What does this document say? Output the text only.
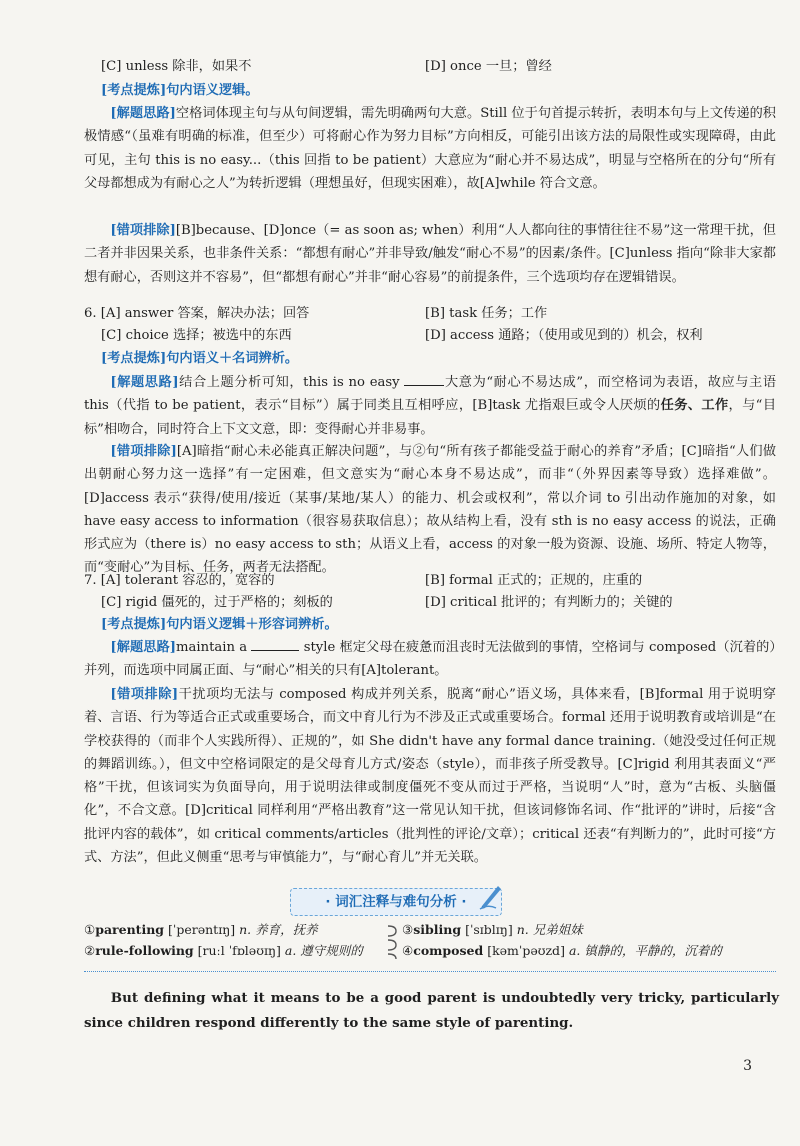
[C] unless 除非，如果不	[D] once 一旦；曾经
[考点提炼]句内语义逻辑。

[解题思路]空格词体现主句与从句间逻辑，需先明确两句大意。Still 位于句首提示转折，表明本句与上文传递的积极情感“（虽难有明确的标准，但至少）可将耐心作为努力目标”方向相反，可能引出该方法的局限性或实现障碍，由此可见，主句 this is no easy...（this 回指 to be patient）大意应为“耐心并不易达成”，明显与空格所在的分句“所有父母都想成为有耐心之人”为转折逻辑（理想虽好，但现实困难），故[A]while 符合文意。

[错项排除][B]because、[D]once（= as soon as; when）利用“人人都向往的事情往往不易”这一常理干扰，但二者并非因果关系，也非条件关系：“都想有耐心”并非导致/触发“耐心不易”的因素/条件。[C]unless 指向“除非大家都想有耐心，否则这并不容易”，但“都想有耐心”并非“耐心容易”的前提条件，三个选项均存在逻辑错误。

6. [A] answer 答案，解决办法；回答	[B] task 任务；工作
[C] choice 选择；被选中的东西	[D] access 通路；（使用或见到的）机会，权利
[考点提炼]句内语义＋名词辨析。

[解题思路]结合上题分析可知，this is no easy	大意为“耐心不易达成”，而空格词为表语，故应与主语 this（代指 to be patient，表示“目标”）属于同类且互相呼应，[B]task 尤指艰巨或令人厌烦的任务、工作，与“目标”相吻合，同时符合上下文文意，即：变得耐心并非易事。

[错项排除][A]暗指“耐心未必能真正解决问题”，与②句“所有孩子都能受益于耐心的养育”矛盾；[C]暗指“人们做出朝耐心努力这一选择”有一定困难，但文意实为“耐心本身不易达成”，而非“（外界因素等导致）选择难做”。[D]access 表示“获得/使用/接近（某事/某地/某人）的能力、机会或权利”，常以介词 to 引出动作施加的对象，如 have easy access to information（很容易获取信息）；故从结构上看，没有 sth is no easy access 的说法，正确形式应为（there is）no easy access to sth；从语义上看，access 的对象一般为资源、设施、场所、特定人物等，而“变耐心”为目标、任务，两者无法搭配。

7. [A] tolerant 容忍的，宽容的	[B] formal 正式的；正规的，庄重的
[C] rigid 僵死的，过于严格的；刻板的	[D] critical 批评的；有判断力的；关键的
[考点提炼]句内语义逻辑＋形容词辨析。

[解题思路]maintain a	style 框定父母在疲惫而沮丧时无法做到的事情，空格词与 composed（沉着的）并列，而选项中同属正面、与“耐心”相关的只有[A]tolerant。

[错项排除]干扰项均无法与 composed 构成并列关系，脱离“耐心”语义场，具体来看，[B]formal 用于说明穿着、言语、行为等适合正式或重要场合，而文中育儿行为不涉及正式或重要场合。formal 还用于说明教育或培训是“在学校获得的（而非个人实践所得）、正规的”，如 She didn't have any formal dance training.（她没受过任何正规的舞蹈训练。），但文中空格词限定的是父母育儿方式/姿态（style），而非孩子所受教导。[C]rigid 利用其表面义“严格”干扰，但该词实为负面导向，用于说明法律或制度僵死不变从而过于严格，当说明“人”时，意为“古板、头脑僵化”，不合文意。[D]critical 同样利用“严格出教育”这一常见认知干扰，但该词修饰名词、作“批评的”讲时，后接“含批评内容的载体”，如 critical comments/articles（批判性的评论/文章）；critical 还表“有判断力的”，此时可接“方式、方法”，但此义侧重“思考与审慎能力”，与“耐心育儿”并无关联。

· 词汇注释与难句分析 ·
①parenting [ˈperəntɪŋ] n. 养育，抚养	③sibling [ˈsɪblɪŋ] n. 兄弟姐妹
②rule-following [ruːl ˈfɒləʊɪŋ] a. 遵守规则的	④composed [kəmˈpəʊzd] a. 镇静的，平静的，沉着的

But defining what it means to be a good parent is undoubtedly very tricky, particularly since children respond differently to the same style of parenting.

3
